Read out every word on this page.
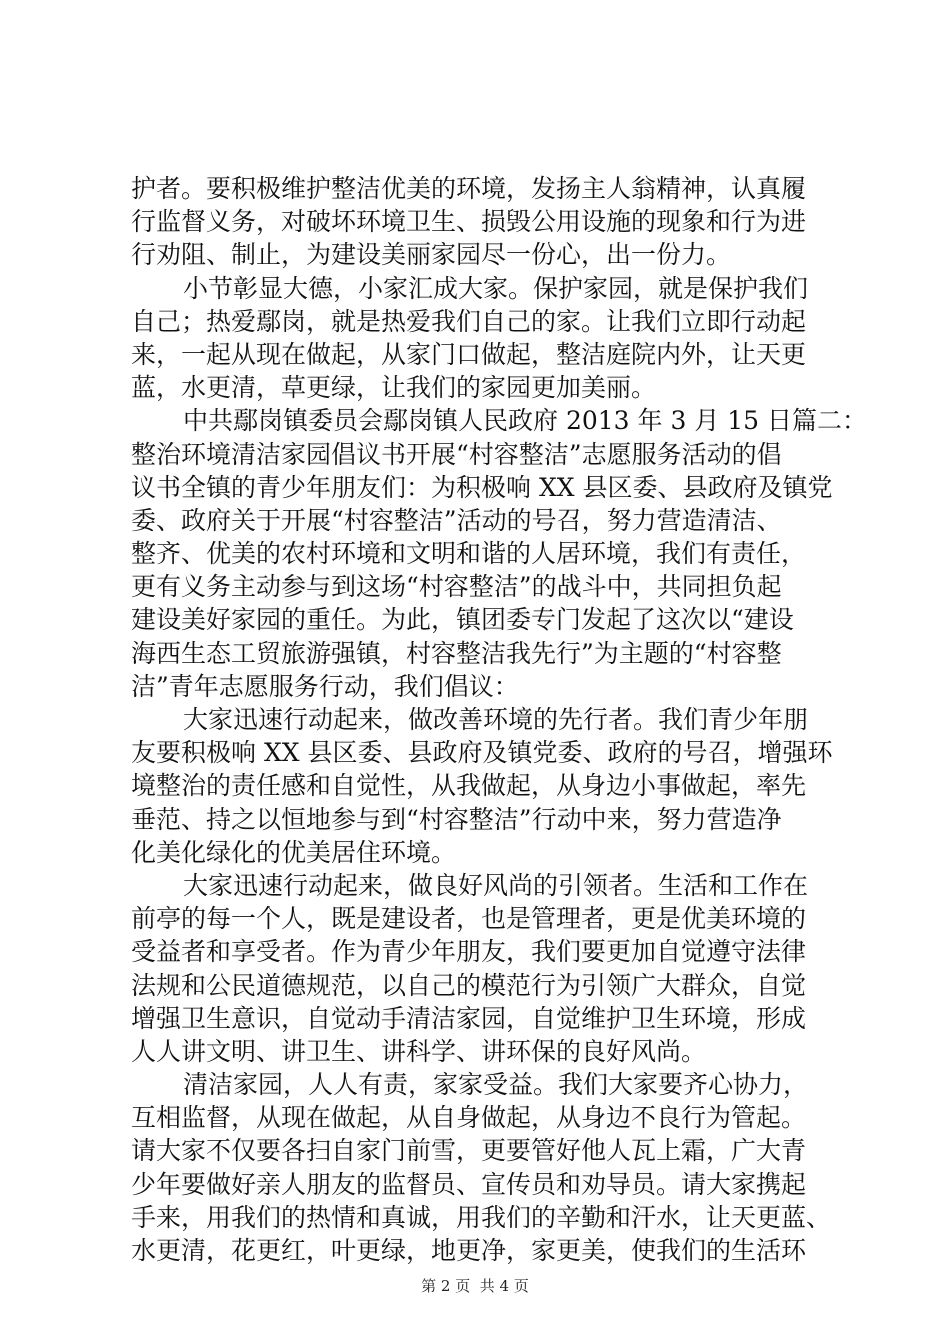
护者。要积极维护整洁优美的环境，发扬主人翁精神，认真履
行监督义务，对破坏环境卫生、损毁公用设施的现象和行为进
行劝阻、制止，为建设美丽家园尽一份心，出一份力。
小节彰显大德，小家汇成大家。保护家园，就是保护我们
自己；热爱鄢岗，就是热爱我们自己的家。让我们立即行动起
来，一起从现在做起，从家门口做起，整洁庭院内外，让天更
蓝，水更清，草更绿，让我们的家园更加美丽。
中共鄢岗镇委员会鄢岗镇人民政府 2013 年 3 月 15 日篇二：
整治环境清洁家园倡议书开展“村容整洁”志愿服务活动的倡
议书全镇的青少年朋友们：为积极响 XX 县区委、县政府及镇党
委、政府关于开展“村容整洁”活动的号召，努力营造清洁、
整齐、优美的农村环境和文明和谐的人居环境，我们有责任，
更有义务主动参与到这场“村容整洁”的战斗中，共同担负起
建设美好家园的重任。为此，镇团委专门发起了这次以“建设
海西生态工贸旅游强镇，村容整洁我先行”为主题的“村容整
洁”青年志愿服务行动，我们倡议：
大家迅速行动起来，做改善环境的先行者。我们青少年朋
友要积极响 XX 县区委、县政府及镇党委、政府的号召，增强环
境整治的责任感和自觉性，从我做起，从身边小事做起，率先
垂范、持之以恒地参与到“村容整洁”行动中来，努力营造净
化美化绿化的优美居住环境。
大家迅速行动起来，做良好风尚的引领者。生活和工作在
前亭的每一个人，既是建设者，也是管理者，更是优美环境的
受益者和享受者。作为青少年朋友，我们要更加自觉遵守法律
法规和公民道德规范，以自己的模范行为引领广大群众，自觉
增强卫生意识，自觉动手清洁家园，自觉维护卫生环境，形成
人人讲文明、讲卫生、讲科学、讲环保的良好风尚。
清洁家园，人人有责，家家受益。我们大家要齐心协力，
互相监督，从现在做起，从自身做起，从身边不良行为管起。
请大家不仅要各扫自家门前雪，更要管好他人瓦上霜，广大青
少年要做好亲人朋友的监督员、宣传员和劝导员。请大家携起
手来，用我们的热情和真诚，用我们的辛勤和汗水，让天更蓝、
水更清，花更红，叶更绿，地更净，家更美，使我们的生活环
第 2 页  共 4 页
